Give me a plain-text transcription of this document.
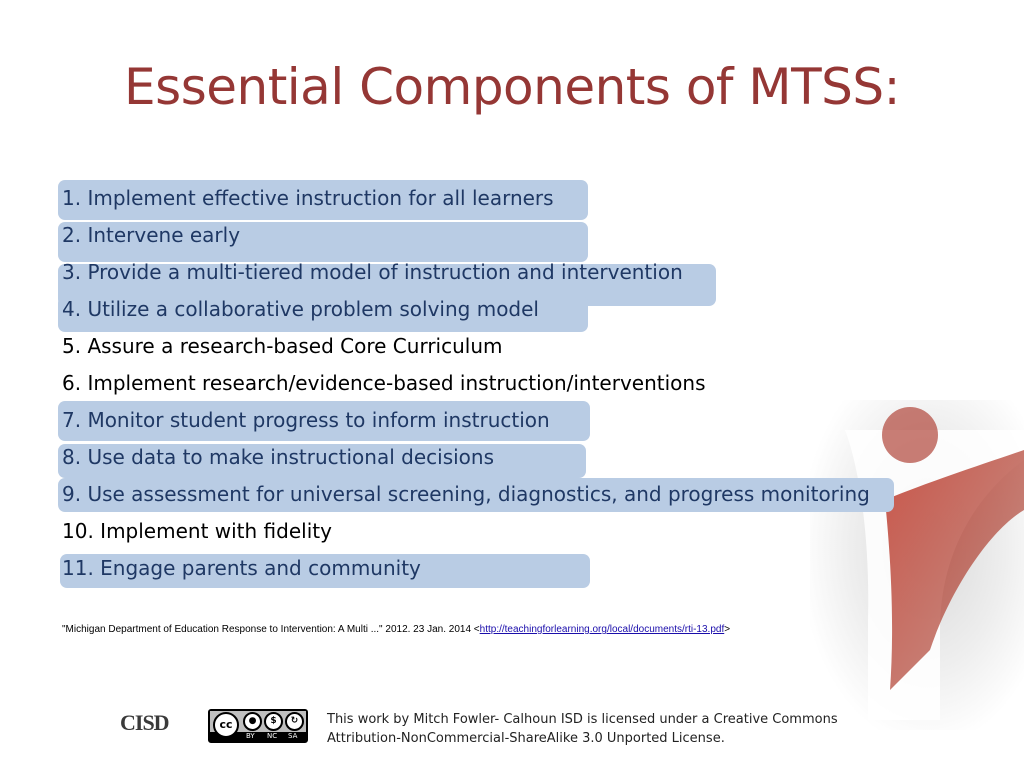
Essential Components of MTSS:
1. Implement effective instruction for all learners
2. Intervene early
3. Provide a multi-tiered model of instruction and intervention
4. Utilize a collaborative problem solving model
5. Assure a research-based Core Curriculum
6. Implement research/evidence-based instruction/interventions
7. Monitor student progress to inform instruction
8. Use data to make instructional decisions
9. Use assessment for universal screening, diagnostics, and progress monitoring
10. Implement with fidelity
11. Engage parents and community
"Michigan Department of Education Response to Intervention: A Multi ..." 2012. 23 Jan. 2014 <http://teachingforlearning.org/local/documents/rti-13.pdf>
CISD	cc	●	$	↻
BY NC SA
This work by Mitch Fowler- Calhoun ISD is licensed under a Creative Commons
Attribution-NonCommercial-ShareAlike 3.0 Unported License.
